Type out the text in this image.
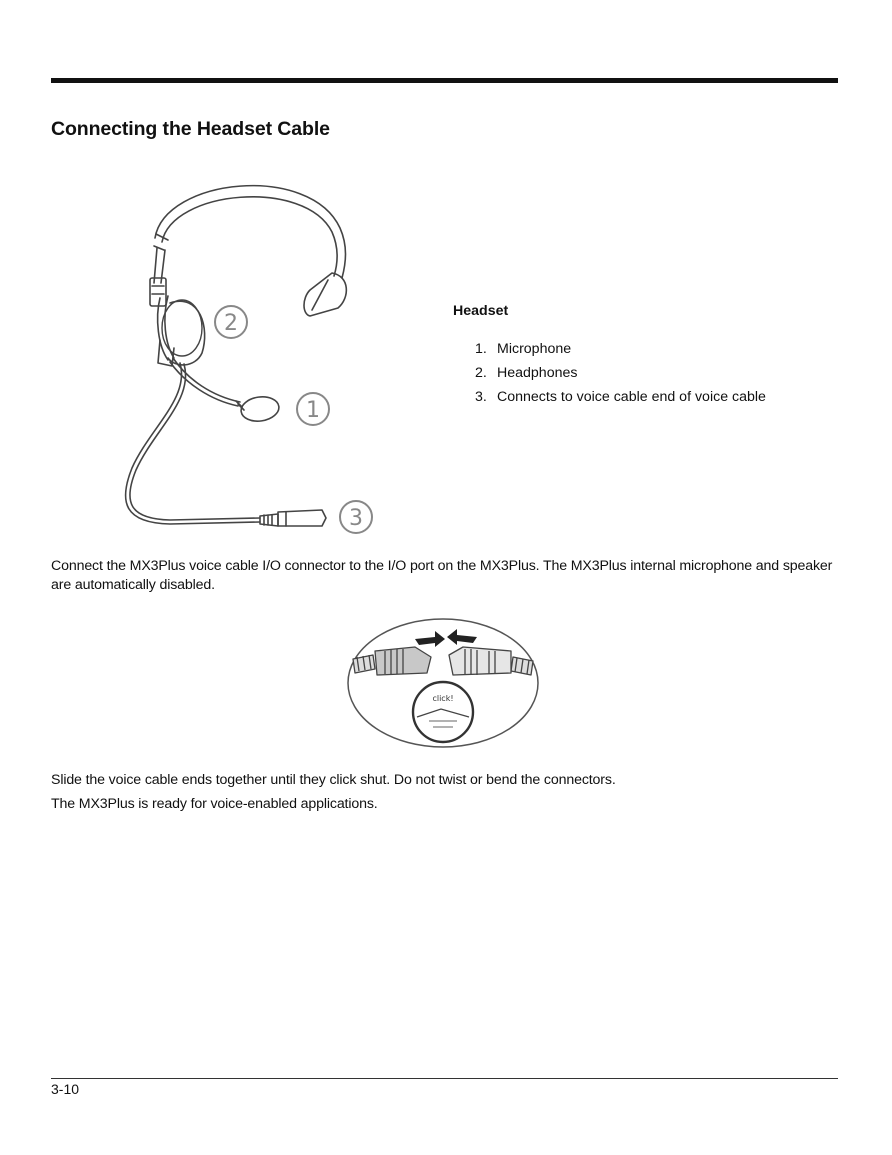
Connecting the Headset Cable
2
1
3

Headset

1. Microphone
2. Headphones
3. Connects to voice cable end of voice cable

Connect the MX3Plus voice cable I/O connector to the I/O port on the MX3Plus. The MX3Plus internal microphone and speaker are automatically disabled.

click!

Slide the voice cable ends together until they click shut. Do not twist or bend the connectors.

The MX3Plus is ready for voice-enabled applications.

3-10
